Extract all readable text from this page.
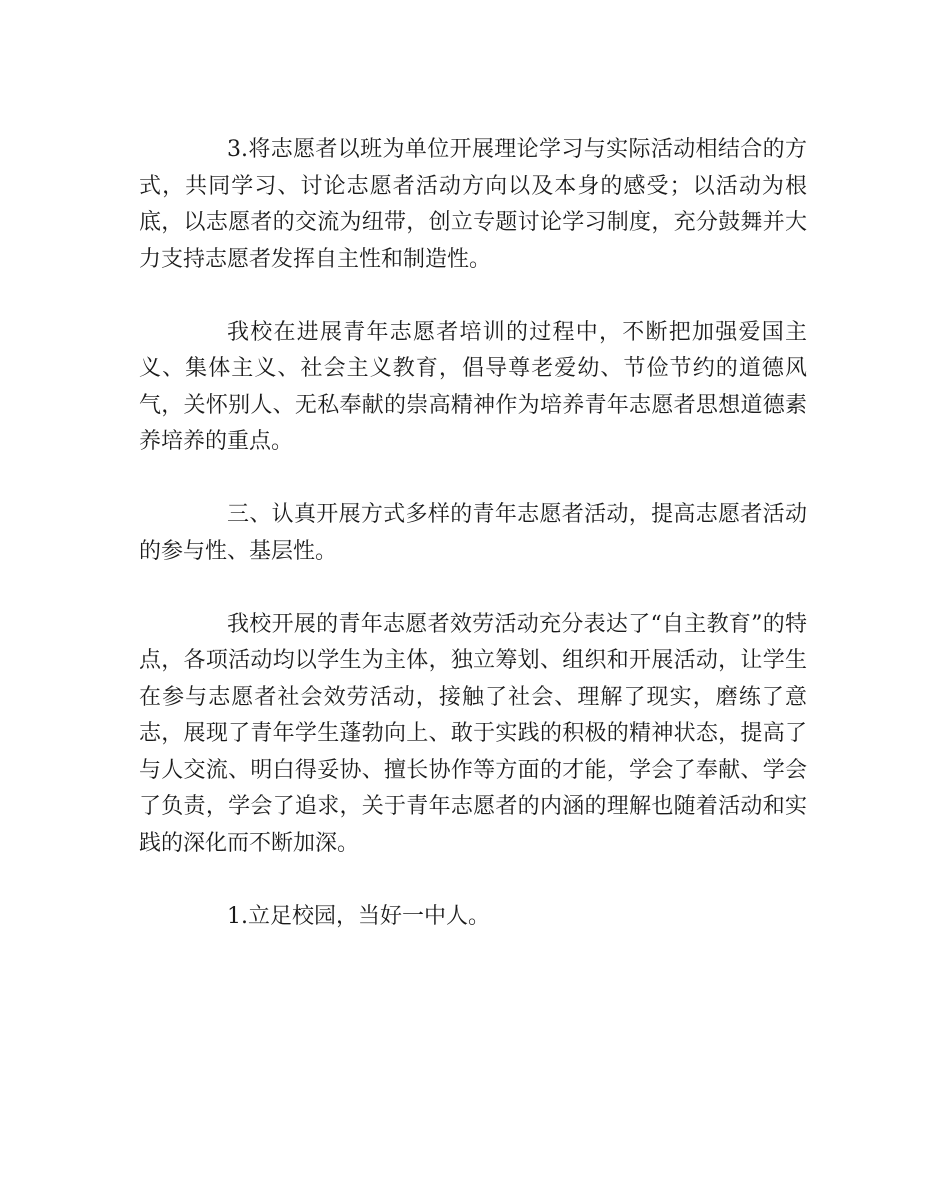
3.将志愿者以班为单位开展理论学习与实际活动相结合的方式，共同学习、讨论志愿者活动方向以及本身的感受；以活动为根底，以志愿者的交流为纽带，创立专题讨论学习制度，充分鼓舞并大力支持志愿者发挥自主性和制造性。

我校在进展青年志愿者培训的过程中，不断把加强爱国主义、集体主义、社会主义教育，倡导尊老爱幼、节俭节约的道德风气，关怀别人、无私奉献的崇高精神作为培养青年志愿者思想道德素养培养的重点。

三、认真开展方式多样的青年志愿者活动，提高志愿者活动的参与性、基层性。

我校开展的青年志愿者效劳活动充分表达了“自主教育”的特点，各项活动均以学生为主体，独立筹划、组织和开展活动，让学生在参与志愿者社会效劳活动，接触了社会、理解了现实，磨练了意志，展现了青年学生蓬勃向上、敢于实践的积极的精神状态，提高了与人交流、明白得妥协、擅长协作等方面的才能，学会了奉献、学会了负责，学会了追求，关于青年志愿者的内涵的理解也随着活动和实践的深化而不断加深。

1.立足校园，当好一中人。
